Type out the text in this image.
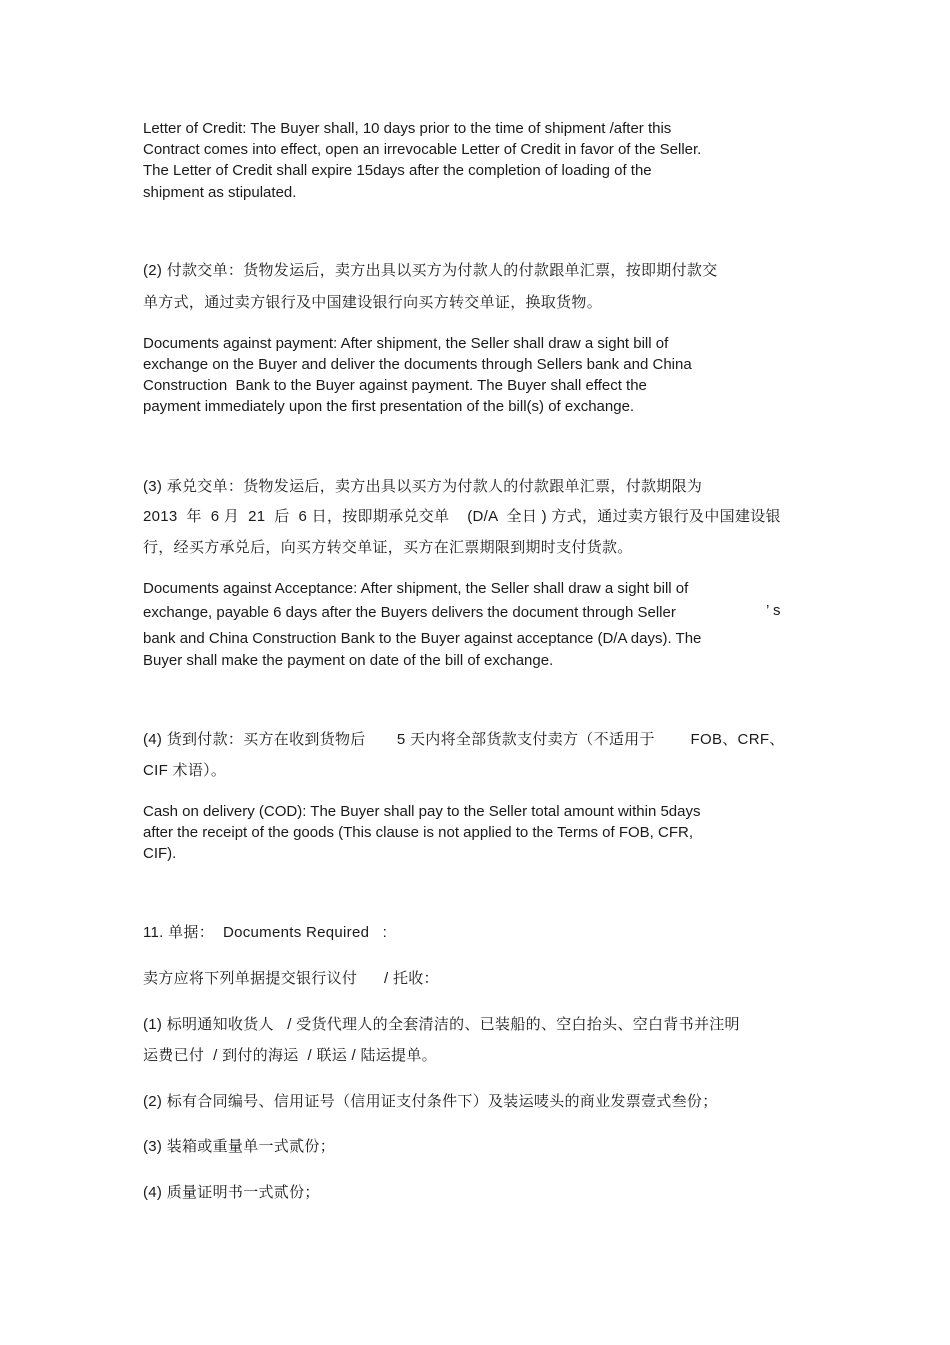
Letter of Credit: The Buyer shall, 10 days prior to the time of shipment /after this
Contract comes into effect, open an irrevocable Letter of Credit in favor of the Seller.
The Letter of Credit shall expire 15days after the completion of loading of the
shipment as stipulated.
(2) 付款交单：货物发运后，卖方出具以买方为付款人的付款跟单汇票，按即期付款交
单方式，通过卖方银行及中国建设银行向买方转交单证，换取货物。
Documents against payment: After shipment, the Seller shall draw a sight bill of
exchange on the Buyer and deliver the documents through Sellers bank and China
Construction  Bank to the Buyer against payment. The Buyer shall effect the
payment immediately upon the first presentation of the bill(s) of exchange.
(3) 承兑交单：货物发运后，卖方出具以买方为付款人的付款跟单汇票，付款期限为
2013  年  6 月  21  后  6 日，按即期承兑交单    (D/A  全日 ) 方式，通过卖方银行及中国建设银
行，经买方承兑后，向买方转交单证，买方在汇票期限到期时支付货款。
Documents against Acceptance: After shipment, the Seller shall draw a sight bill of
exchange, payable 6 days after the Buyers delivers the document through Seller	’ s
bank and China Construction Bank to the Buyer against acceptance (D/A days). The
Buyer shall make the payment on date of the bill of exchange.
(4) 货到付款：买方在收到货物后       5 天内将全部货款支付卖方（不适用于        FOB、CRF、
CIF 术语）。
Cash on delivery (COD): The Buyer shall pay to the Seller total amount within 5days
after the receipt of the goods (This clause is not applied to the Terms of FOB, CFR,
CIF).
11. 单据：  Documents Required   :
卖方应将下列单据提交银行议付      / 托收：
(1) 标明通知收货人   / 受货代理人的全套清洁的、已装船的、空白抬头、空白背书并注明
运费已付  / 到付的海运  / 联运 / 陆运提单。
(2) 标有合同编号、信用证号（信用证支付条件下）及装运唛头的商业发票壹式叁份；
(3) 装箱或重量单一式贰份；
(4) 质量证明书一式贰份；
